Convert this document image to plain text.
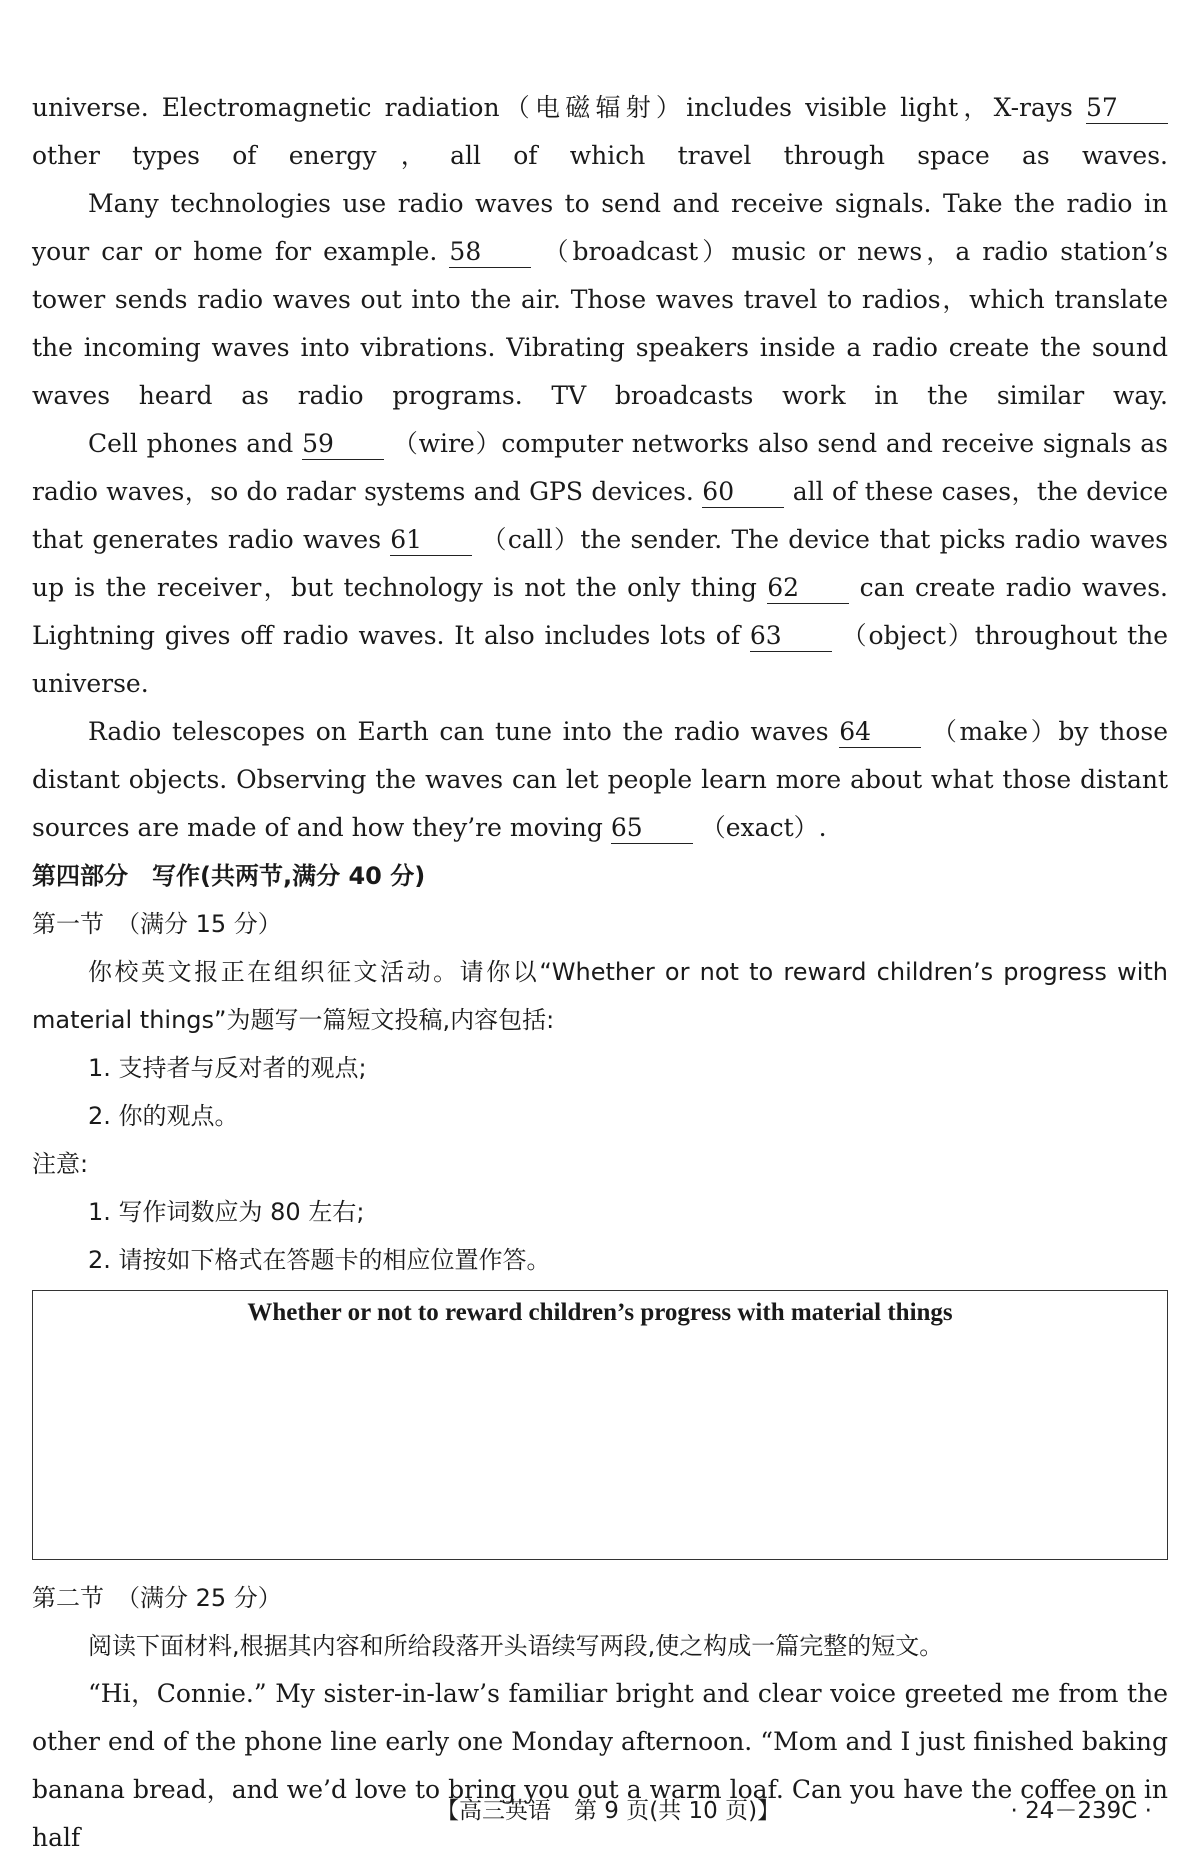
universe. Electromagnetic radiation（电磁辐射）includes visible light，X-rays 57 other types of energy，all of which travel through space as waves.

Many technologies use radio waves to send and receive signals. Take the radio in your car or home for example. 58 （broadcast）music or news，a radio station’s tower sends radio waves out into the air. Those waves travel to radios，which translate the incoming waves into vibrations. Vibrating speakers inside a radio create the sound waves heard as radio programs. TV broadcasts work in the similar way.

Cell phones and 59 （wire）computer networks also send and receive signals as radio waves，so do radar systems and GPS devices. 60 all of these cases，the device that generates radio waves 61 （call）the sender. The device that picks radio waves up is the receiver，but technology is not the only thing 62 can create radio waves. Lightning gives off radio waves. It also includes lots of 63 （object）throughout the universe.

Radio telescopes on Earth can tune into the radio waves 64 （make）by those distant objects. Observing the waves can let people learn more about what those distant sources are made of and how they’re moving 65 （exact）.

第四部分　写作(共两节,满分 40 分)

第一节　（满分 15 分）

你校英文报正在组织征文活动。请你以“Whether or not to reward children’s progress with material things”为题写一篇短文投稿,内容包括:

1. 支持者与反对者的观点;

2. 你的观点。

注意:

1. 写作词数应为 80 左右;

2. 请按如下格式在答题卡的相应位置作答。

Whether or not to reward children’s progress with material things

第二节　（满分 25 分）

阅读下面材料,根据其内容和所给段落开头语续写两段,使之构成一篇完整的短文。

“Hi，Connie.” My sister-in-law’s familiar bright and clear voice greeted me from the other end of the phone line early one Monday afternoon. “Mom and I just finished baking banana bread，and we’d love to bring you out a warm loaf. Can you have the coffee on in half

【高三英语　第 9 页(共 10 页)】	· 24－239C ·
